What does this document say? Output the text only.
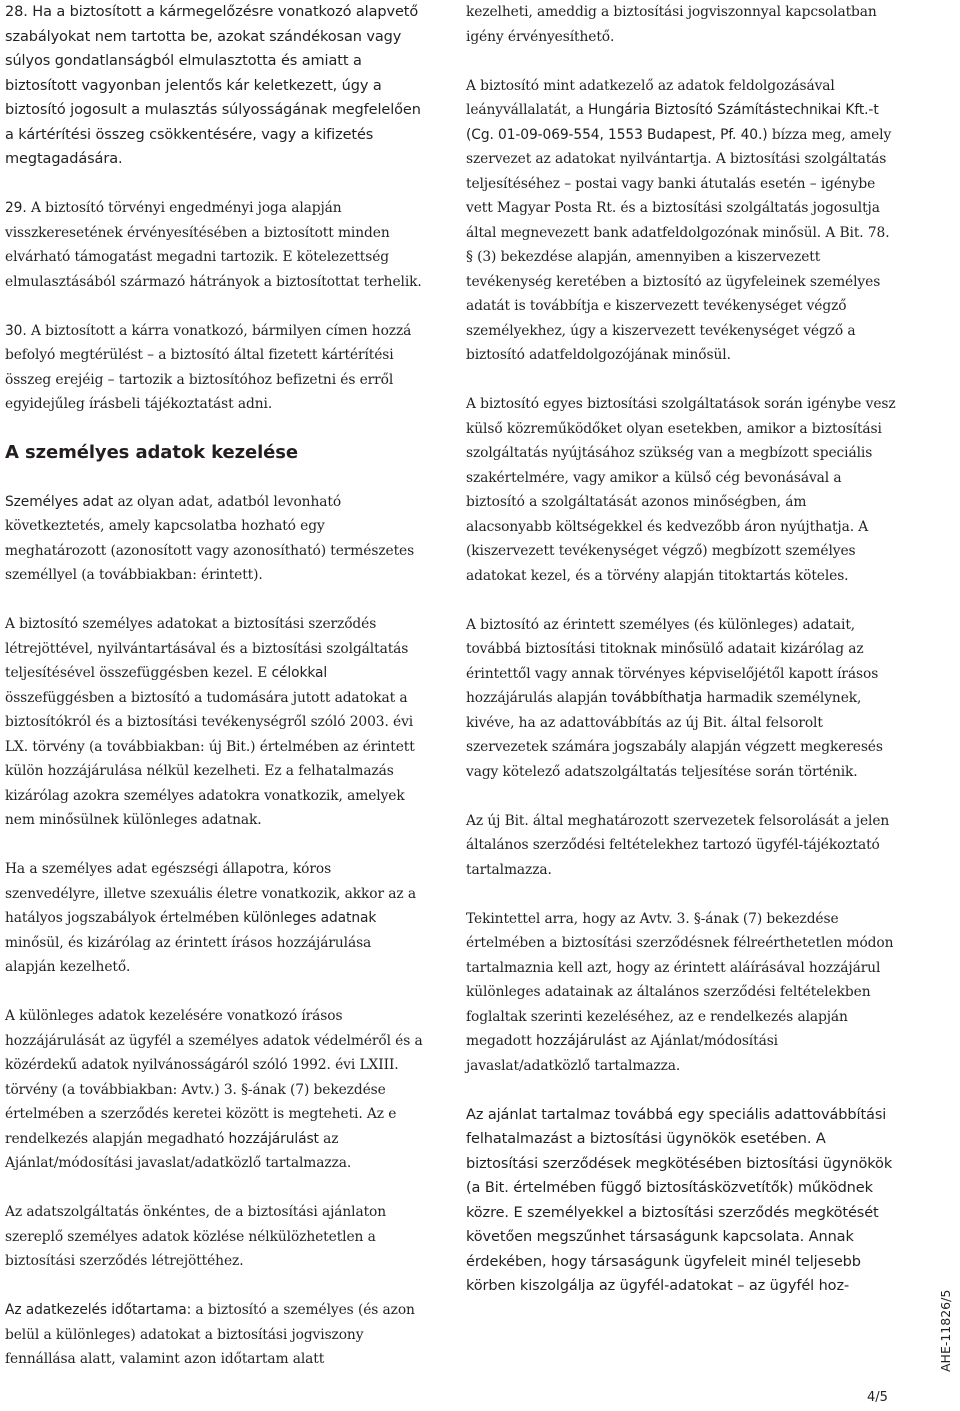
28. Ha a biztosított a kármegelőzésre vonatkozó alapvető szabályokat nem tartotta be, azokat szándékosan vagy súlyos gondatlanságból elmulasztotta és amiatt a biztosított vagyonban jelentős kár keletkezett, úgy a biztosító jogosult a mulasztás súlyosságának megfelelően a kártérítési összeg csökkentésére, vagy a kifizetés megtagadására.

29. A biztosító törvényi engedményi joga alapján visszkeresetének érvényesítésében a biztosított minden elvárható támogatást megadni tartozik. E kötelezettség elmulasztásából származó hátrányok a biztosítottat terhelik.

30. A biztosított a kárra vonatkozó, bármilyen címen hozzá befolyó megtérülést – a biztosító által fizetett kártérítési összeg erejéig – tartozik a biztosítóhoz befizetni és erről egyidejűleg írásbeli tájékoztatást adni.

A személyes adatok kezelése

Személyes adat az olyan adat, adatból levonható következtetés, amely kapcsolatba hozható egy meghatározott (azonosított vagy azonosítható) természetes személlyel (a továbbiakban: érintett).

A biztosító személyes adatokat a biztosítási szerződés létrejöttével, nyilvántartásával és a biztosítási szolgáltatás teljesítésével összefüggésben kezel. E célokkal összefüggésben a biztosító a tudomására jutott adatokat a biztosítókról és a biztosítási tevékenységről szóló 2003. évi LX. törvény (a továbbiakban: új Bit.) értelmében az érintett külön hozzájárulása nélkül kezelheti. Ez a felhatalmazás kizárólag azokra személyes adatokra vonatkozik, amelyek nem minősülnek különleges adatnak.

Ha a személyes adat egészségi állapotra, kóros szenvedélyre, illetve szexuális életre vonatkozik, akkor az a hatályos jogszabályok értelmében különleges adatnak minősül, és kizárólag az érintett írásos hozzájárulása alapján kezelhető.

A különleges adatok kezelésére vonatkozó írásos hozzájárulását az ügyfél a személyes adatok védelméről és a közérdekű adatok nyilvánosságáról szóló 1992. évi LXIII. törvény (a továbbiakban: Avtv.) 3. §-ának (7) bekezdése értelmében a szerződés keretei között is megteheti. Az e rendelkezés alapján megadható hozzájárulást az Ajánlat/módosítási javaslat/adatközlő tartalmazza.

Az adatszolgáltatás önkéntes, de a biztosítási ajánlaton szereplő személyes adatok közlése nélkülözhetetlen a biztosítási szerződés létrejöttéhez.

Az adatkezelés időtartama: a biztosító a személyes (és azon belül a különleges) adatokat a biztosítási jogviszony fennállása alatt, valamint azon időtartam alatt

kezelheti, ameddig a biztosítási jogviszonnyal kapcsolatban igény érvényesíthető.

A biztosító mint adatkezelő az adatok feldolgozásával leányvállalatát, a Hungária Biztosító Számítástechnikai Kft.-t (Cg. 01-09-069-554, 1553 Budapest, Pf. 40.) bízza meg, amely szervezet az adatokat nyilvántartja. A biztosítási szolgáltatás teljesítéséhez – postai vagy banki átutalás esetén – igénybe vett Magyar Posta Rt. és a biztosítási szolgáltatás jogosultja által megnevezett bank adatfeldolgozónak minősül. A Bit. 78. § (3) bekezdése alapján, amennyiben a kiszervezett tevékenység keretében a biztosító az ügyfeleinek személyes adatát is továbbítja e kiszervezett tevékenységet végző személyekhez, úgy a kiszervezett tevékenységet végző a biztosító adatfeldolgozójának minősül.

A biztosító egyes biztosítási szolgáltatások során igénybe vesz külső közreműködőket olyan esetekben, amikor a biztosítási szolgáltatás nyújtásához szükség van a megbízott speciális szakértelmére, vagy amikor a külső cég bevonásával a biztosító a szolgáltatását azonos minőségben, ám alacsonyabb költségekkel és kedvezőbb áron nyújthatja. A (kiszervezett tevékenységet végző) megbízott személyes adatokat kezel, és a törvény alapján titoktartás köteles.

A biztosító az érintett személyes (és különleges) adatait, továbbá biztosítási titoknak minősülő adatait kizárólag az érintettől vagy annak törvényes képviselőjétől kapott írásos hozzájárulás alapján továbbíthatja harmadik személynek, kivéve, ha az adattovábbítás az új Bit. által felsorolt szervezetek számára jogszabály alapján végzett megkeresés vagy kötelező adatszolgáltatás teljesítése során történik.

Az új Bit. által meghatározott szervezetek felsorolását a jelen általános szerződési feltételekhez tartozó ügyfél-tájékoztató tartalmazza.

Tekintettel arra, hogy az Avtv. 3. §-ának (7) bekezdése értelmében a biztosítási szerződésnek félreérthetetlen módon tartalmaznia kell azt, hogy az érintett aláírásával hozzájárul különleges adatainak az általános szerződési feltételekben foglaltak szerinti kezeléséhez, az e rendelkezés alapján megadott hozzájárulást az Ajánlat/módosítási javaslat/adatközlő tartalmazza.

Az ajánlat tartalmaz továbbá egy speciális adattovábbítási felhatalmazást a biztosítási ügynökök esetében. A biztosítási szerződések megkötésében biztosítási ügynökök (a Bit. értelmében függő biztosításközvetítők) működnek közre. E személyekkel a biztosítási szerződés megkötését követően megszűnhet társaságunk kapcsolata. Annak érdekében, hogy társaságunk ügyfeleit minél teljesebb körben kiszolgálja az ügyfél-adatokat – az ügyfél hoz-

AHE-11826/5
4/5
